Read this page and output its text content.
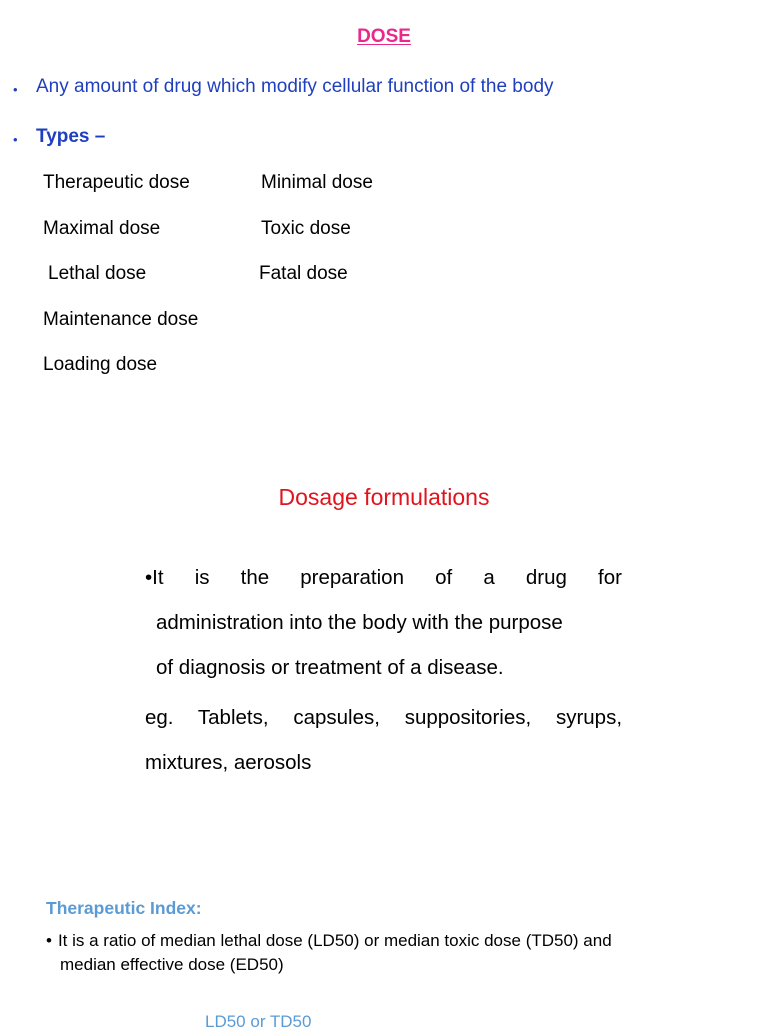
DOSE
• Any amount of drug which modify cellular function of the body
• Types –
Therapeutic dose
Maximal dose
Lethal dose
Maintenance dose
Loading dose
Minimal dose
Toxic dose
Fatal dose
Dosage formulations
•It is the preparation of a drug for
administration into the body with the purpose
of diagnosis or treatment of a disease.
eg. Tablets, capsules, suppositories, syrups,
mixtures, aerosols
Therapeutic Index:
• It is a ratio of median lethal dose (LD50) or median toxic dose (TD50) and
median effective dose (ED50)
LD50 or TD50
